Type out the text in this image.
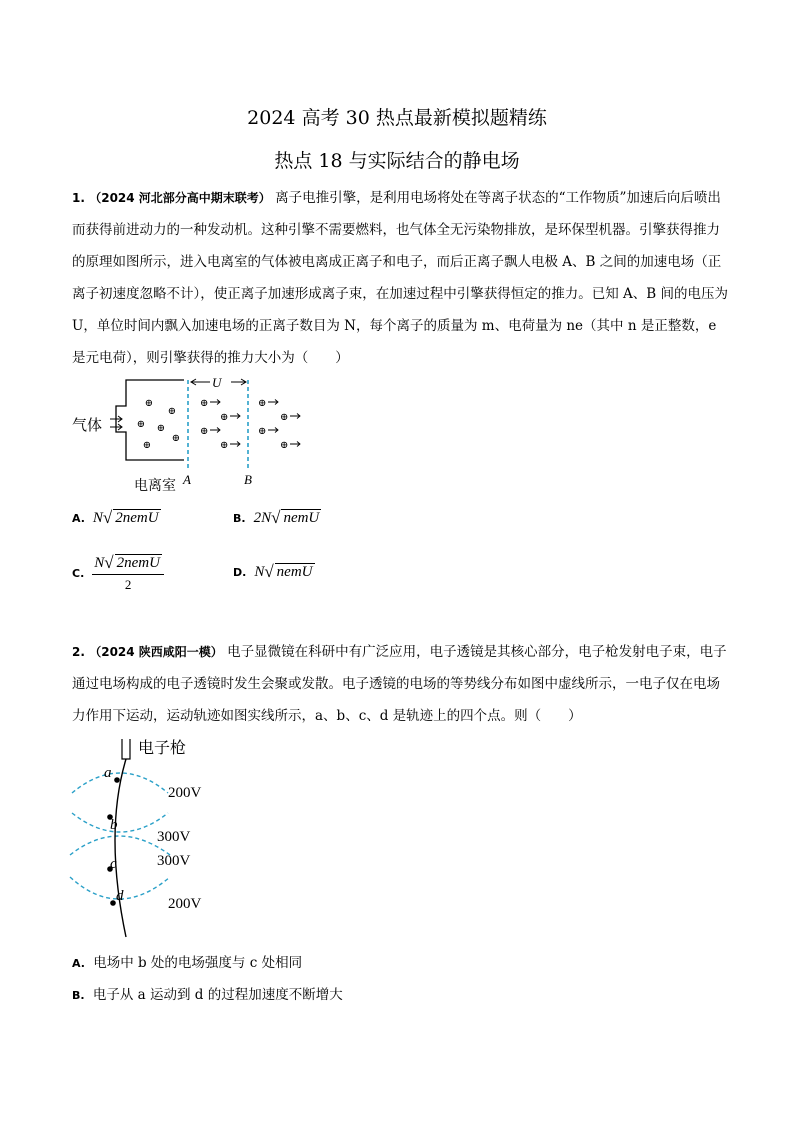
2024 高考 30 热点最新模拟题精练
热点 18 与实际结合的静电场
1. （2024 河北部分高中期末联考） 离子电推引擎，是利用电场将处在等离子状态的“工作物质”加速后向后喷出而获得前进动力的一种发动机。这种引擎不需要燃料，也气体全无污染物排放，是环保型机器。引擎获得推力的原理如图所示，进入电离室的气体被电离成正离子和电子，而后正离子飘人电极 A、B 之间的加速电场（正离子初速度忽略不计），使正离子加速形成离子束，在加速过程中引擎获得恒定的推力。已知 A、B 间的电压为 U，单位时间内飘入加速电场的正离子数目为 N，每个离子的质量为 m、电荷量为 ne（其中 n 是正整数，e 是元电荷），则引擎获得的推力大小为（　　）
气体
U
⊕
⊕
⊕ ⊕
⊕
⊕
⊕
⊕
⊕
⊕
⊕
⊕
⊕
⊕
电离室 A	B
A. N √ 2nemU	B. 2N √ nemU
C. $\frac{\text{N √ 2nemU}}{2}$	D. N √ nemU
2. （2024 陕西咸阳一模） 电子显微镜在科研中有广泛应用，电子透镜是其核心部分，电子枪发射电子束，电子通过电场构成的电子透镜时发生会聚或发散。电子透镜的电场的等势线分布如图中虚线所示，一电子仅在电场力作用下运动，运动轨迹如图实线所示，a、b、c、d 是轨迹上的四个点。则（　　）
电子枪
a
b
c
d
200V
300V
300V
200V
A. 电场中 b 处的电场强度与 c 处相同
B. 电子从 a 运动到 d 的过程加速度不断增大
